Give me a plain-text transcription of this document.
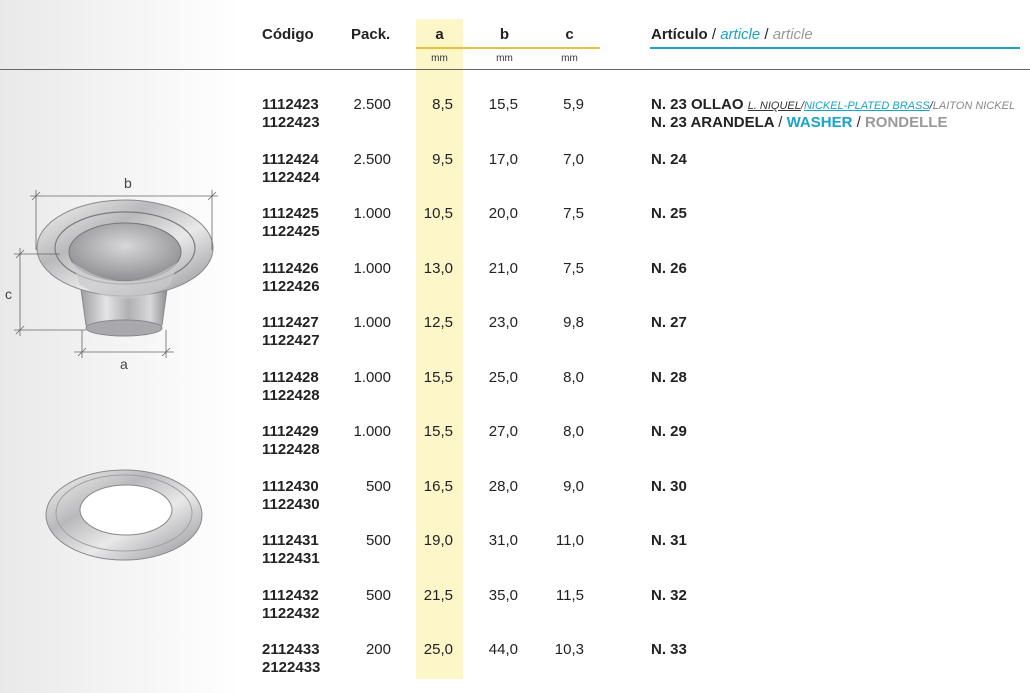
Código Pack.	a	b	c
mm	mm	mm
Artículo / article / article
1112423
1122423
2.500	8,5	15,5	5,9	N. 23 OLLAO L. NIQUEL/NICKEL-PLATED BRASS/LAITON NICKEL
N. 23 ARANDELA / WASHER / RONDELLE
1112424
1122424
2.500	9,5	17,0	7,0	N. 24
1112425
1122425
1.000	10,5	20,0	7,5	N. 25
1112426
1122426
1.000	13,0	21,0	7,5	N. 26
1112427
1122427
1.000	12,5	23,0	9,8	N. 27
1112428
1122428
1.000	15,5	25,0	8,0	N. 28
1112429
1122428
1.000	15,5	27,0	8,0	N. 29
1112430
1122430
500	16,5	28,0	9,0	N. 30
1112431
1122431
500	19,0	31,0	11,0	N. 31
1112432
1122432
500	21,5	35,0	11,5	N. 32
2112433
2122433
200	25,0	44,0	10,3	N. 33
b
c
a
